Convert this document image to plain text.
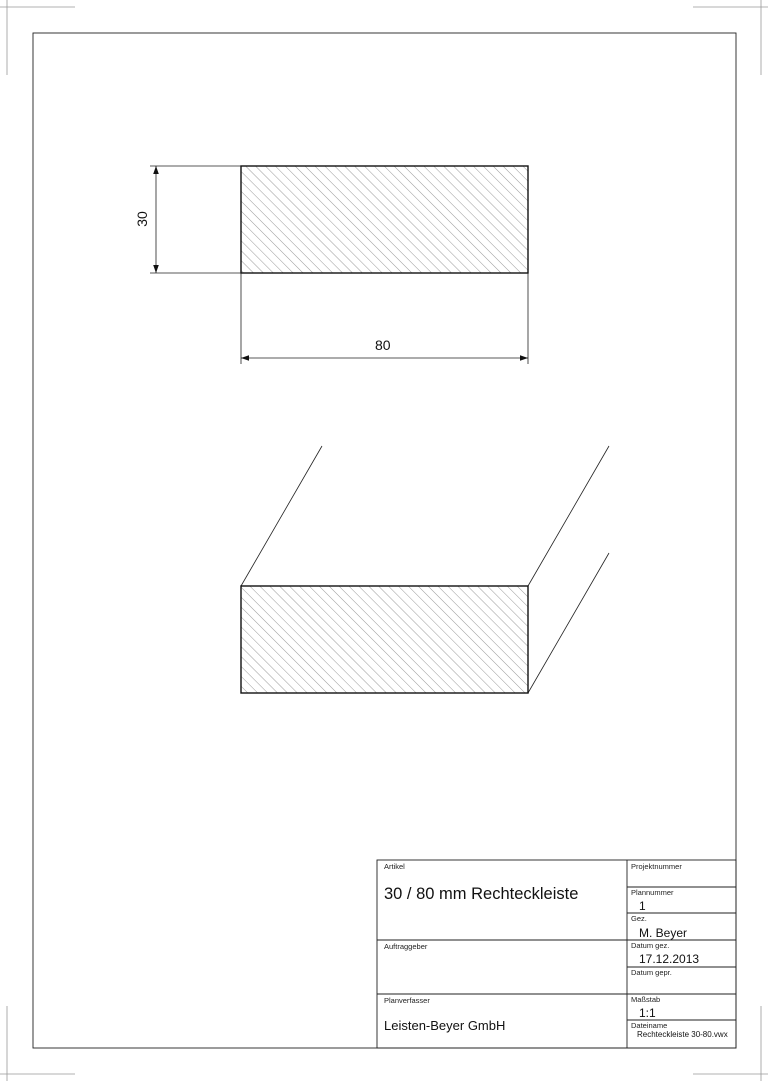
30
80
Artikel
30 / 80 mm Rechteckleiste
Projektnummer
Plannummer
1
Gez.
M. Beyer
Auftraggeber	Datum gez.
17.12.2013
Datum gepr.
Planverfasser
Leisten-Beyer GmbH
Maßstab
1:1
Dateiname
Rechteckleiste 30-80.vwx
